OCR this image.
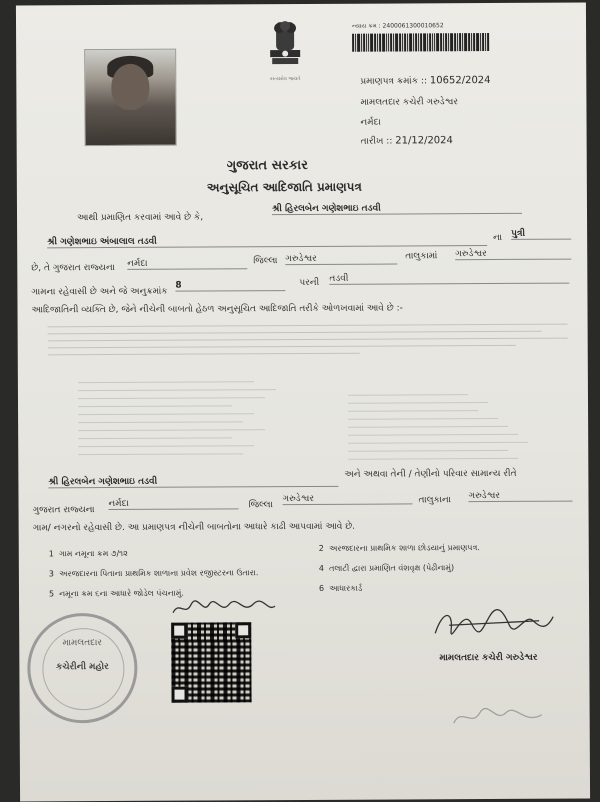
સત્યમેવ જયતે
ન્યાય ક્રમ : 2400061300010652
પ્રમાણપત્ર ક્રમાંક :: 10652/2024
મામલતદાર કચેરી ગરુડેશ્વર
નર્મદા
તારીખ :: 21/12/2024
ગુજરાત સરકાર
અનુસૂચિત આદિજાતિ પ્રમાણપત્ર
આથી પ્રમાણિત કરવામાં આવે છે કે,
શ્રી હિરલબેન ગણેશભાઇ તડવી
શ્રી ગણેશભાઇ અંબાલાલ તડવી	ના પુત્રી
છે, તે ગુજરાત રાજ્યના નર્મદા	જિલ્લા ગરુડેશ્વર	તાલુકામાં ગરુડેશ્વર
ગામના રહેવાસી છે અને જે અનુક્રમાંક
8	પરની તડવી
આદિજાતિની વ્યક્તિ છે, જેને નીચેની બાબતો હેઠળ અનુસૂચિત આદિજાતિ તરીકે ઓળખવામાં આવે છે :-
શ્રી હિરલબેન ગણેશભાઇ તડવી
અને અથવા તેની / તેણીનો પરિવાર સામાન્ય રીતે
ગુજરાત રાજ્યના
નર્મદા	જિલ્લા
ગરુડેશ્વર	તાલુકાના ગરુડેશ્વર
ગામ/ નગરનો રહેવાસી છે. આ પ્રમાણપત્ર નીચેની બાબતોના આધારે કાઢી આપવામાં આવે છે.
1 ગામ નમૂના ક્રમ ૭/૧૨
2 અરજદારના પ્રાથમિક શાળા છોડયાનું પ્રમાણપત્ર.
3 અરજદારના પિતાના પ્રાથમિક શાળાના પ્રવેશ રજીસ્ટરના ઉતારા.	4 તલાટી દ્વારા પ્રમાણિત વંશવૃક્ષ (પેઢીનામું)
5 નમૂના ક્રમ ૬ના આધારે જોડેલ પંચનામું.
6 આધારકાર્ડ
મામલતદાર
કચેરીની મહોર
મામલતદાર કચેરી ગરુડેશ્વર
